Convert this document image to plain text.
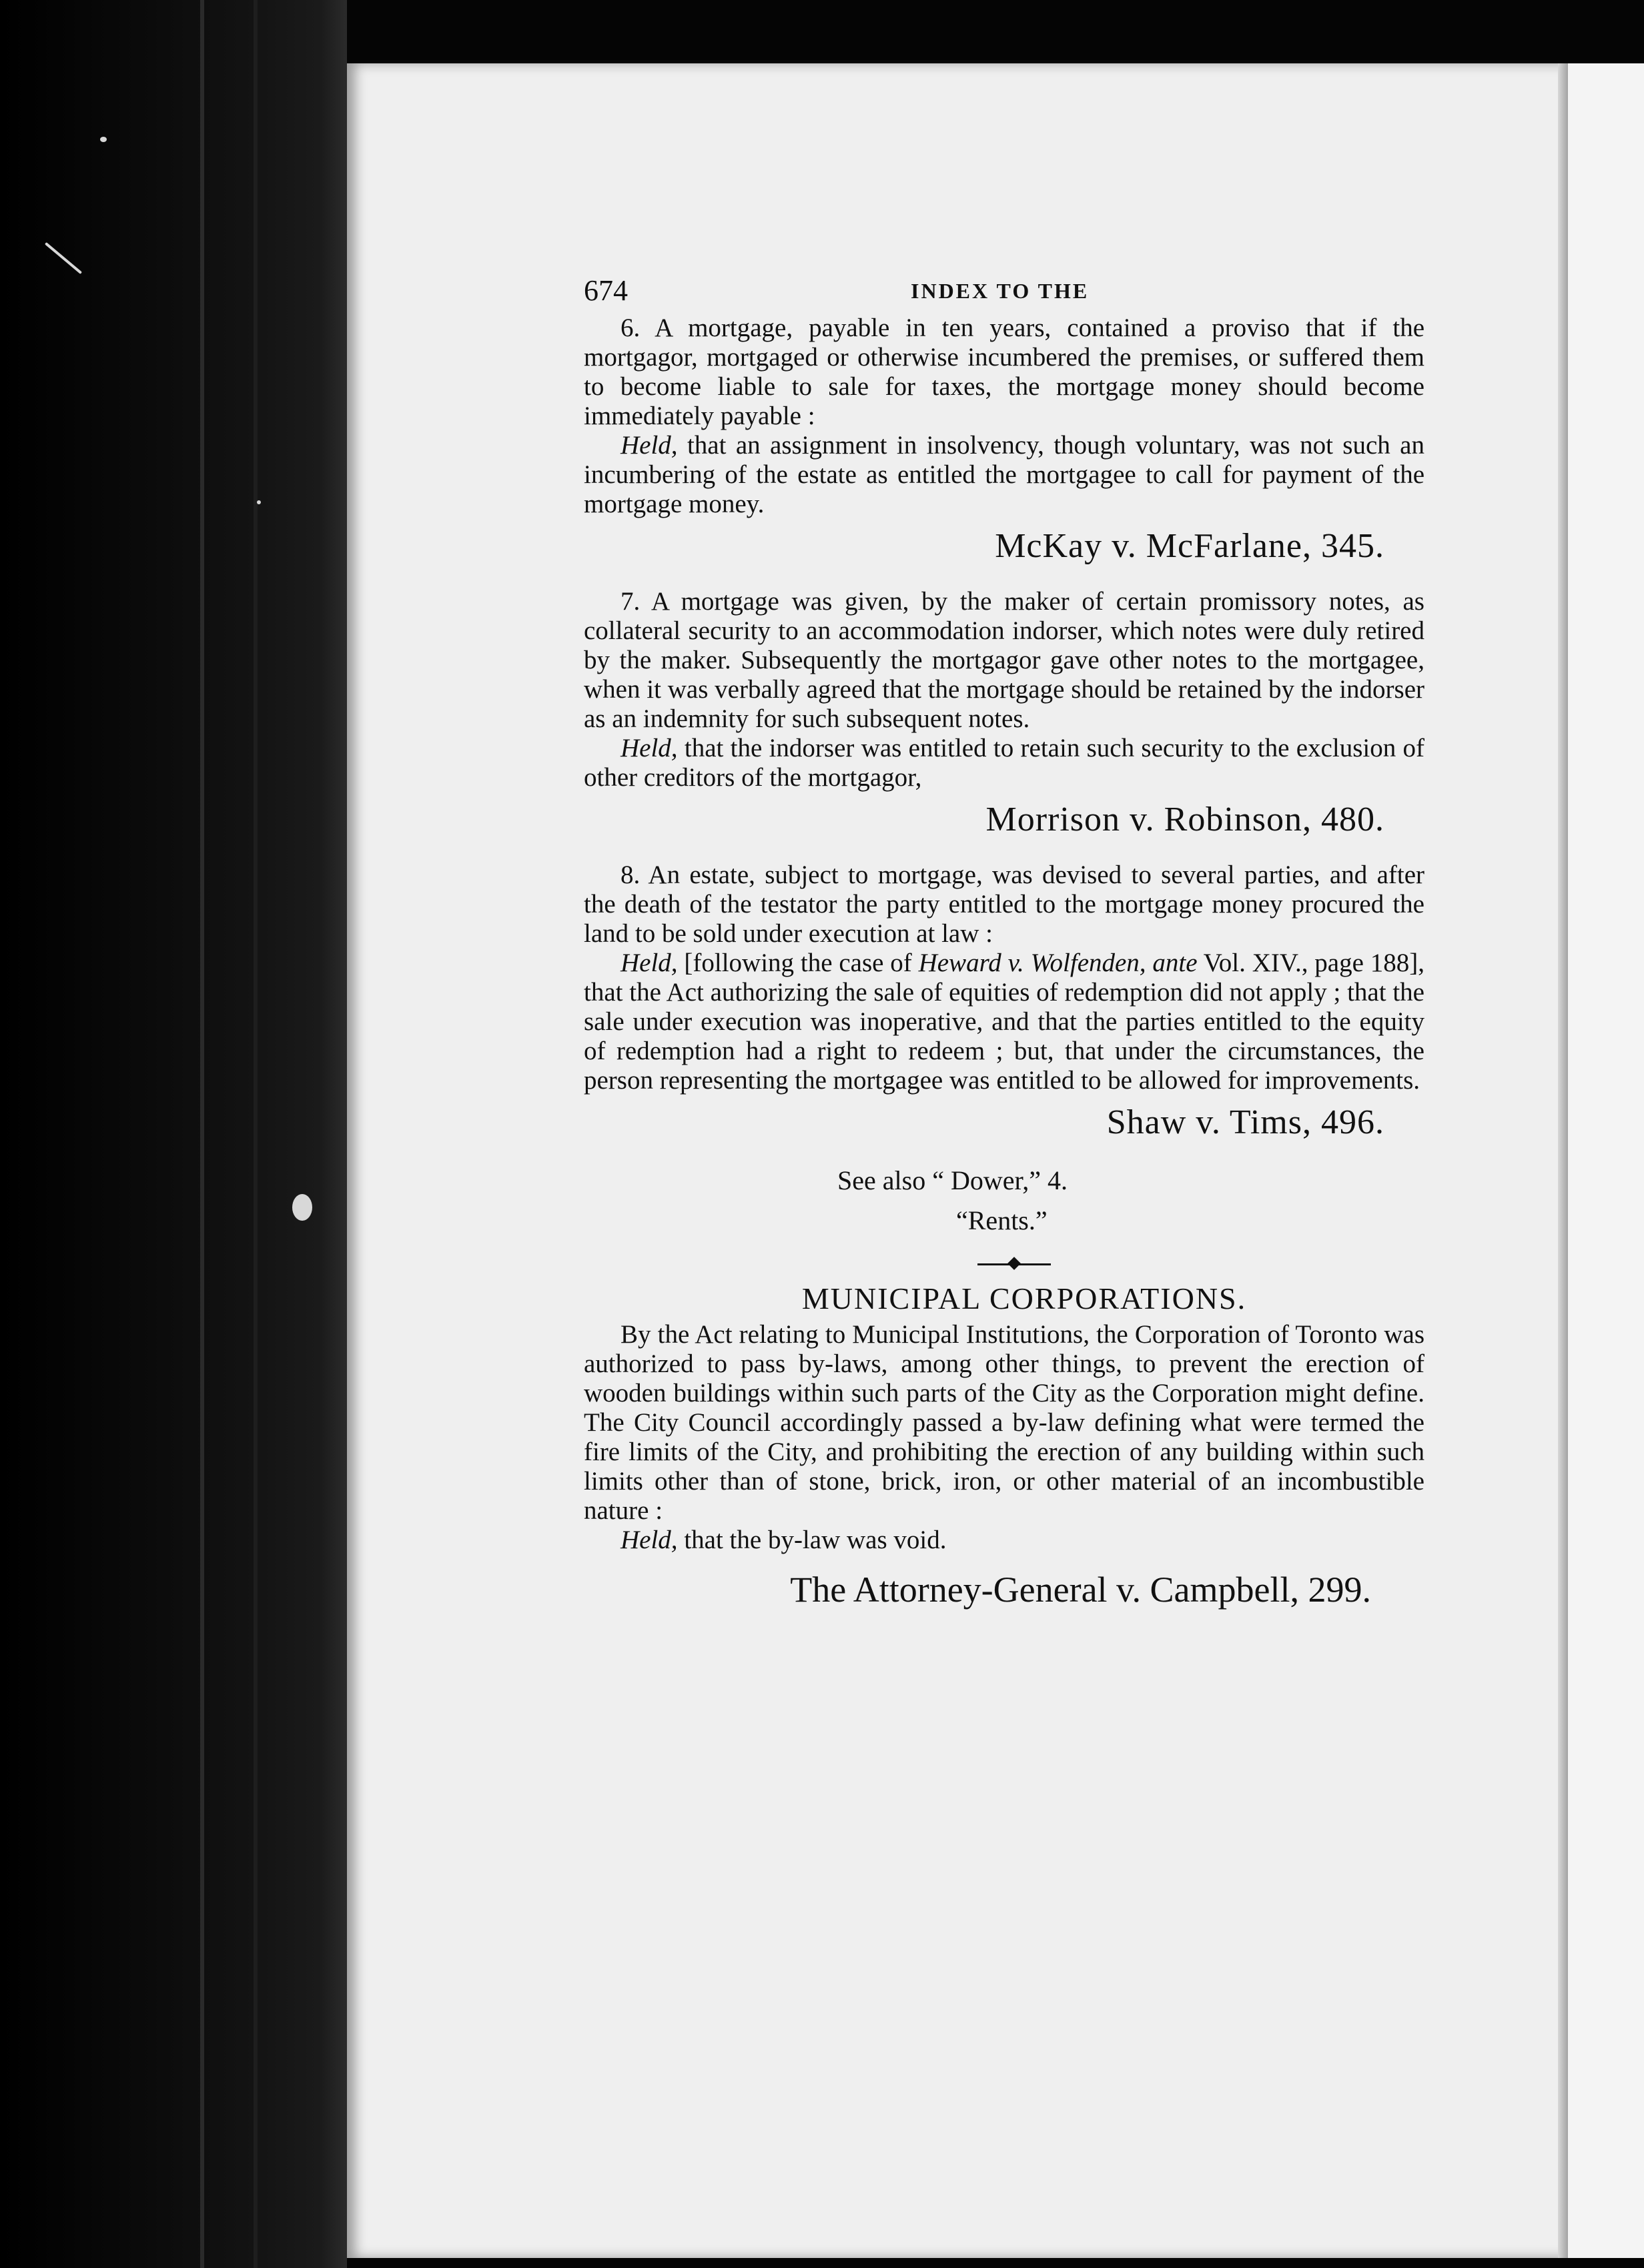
674	INDEX TO THE

6. A mortgage, payable in ten years, contained a proviso that if the mortgagor, mortgaged or otherwise incumbered the premises, or suffered them to become liable to sale for taxes, the mortgage money should become immediately payable :

Held, that an assignment in insolvency, though voluntary, was not such an incumbering of the estate as entitled the mortgagee to call for payment of the mortgage money.

McKay v. McFarlane, 345.

7. A mortgage was given, by the maker of certain promissory notes, as collateral security to an accommodation indorser, which notes were duly retired by the maker. Subsequently the mortgagor gave other notes to the mortgagee, when it was verbally agreed that the mortgage should be retained by the indorser as an indemnity for such subsequent notes.

Held, that the indorser was entitled to retain such security to the exclusion of other creditors of the mortgagor,

Morrison v. Robinson, 480.

8. An estate, subject to mortgage, was devised to several parties, and after the death of the testator the party entitled to the mortgage money procured the land to be sold under execution at law :

Held, [following the case of Heward v. Wolfenden, ante Vol. XIV., page 188], that the Act authorizing the sale of equities of redemption did not apply ; that the sale under execution was inoperative, and that the parties entitled to the equity of redemption had a right to redeem ; but, that under the circumstances, the person representing the mortgagee was entitled to be allowed for improvements.

Shaw v. Tims, 496.
See also “ Dower,” 4.
“Rents.”
MUNICIPAL CORPORATIONS.

By the Act relating to Municipal Institutions, the Corporation of Toronto was authorized to pass by-laws, among other things, to prevent the erection of wooden buildings within such parts of the City as the Corporation might define. The City Council accordingly passed a by-law defining what were termed the fire limits of the City, and prohibiting the erection of any building within such limits other than of stone, brick, iron, or other material of an incombustible nature :

Held, that the by-law was void.

The Attorney-General v. Campbell, 299.
